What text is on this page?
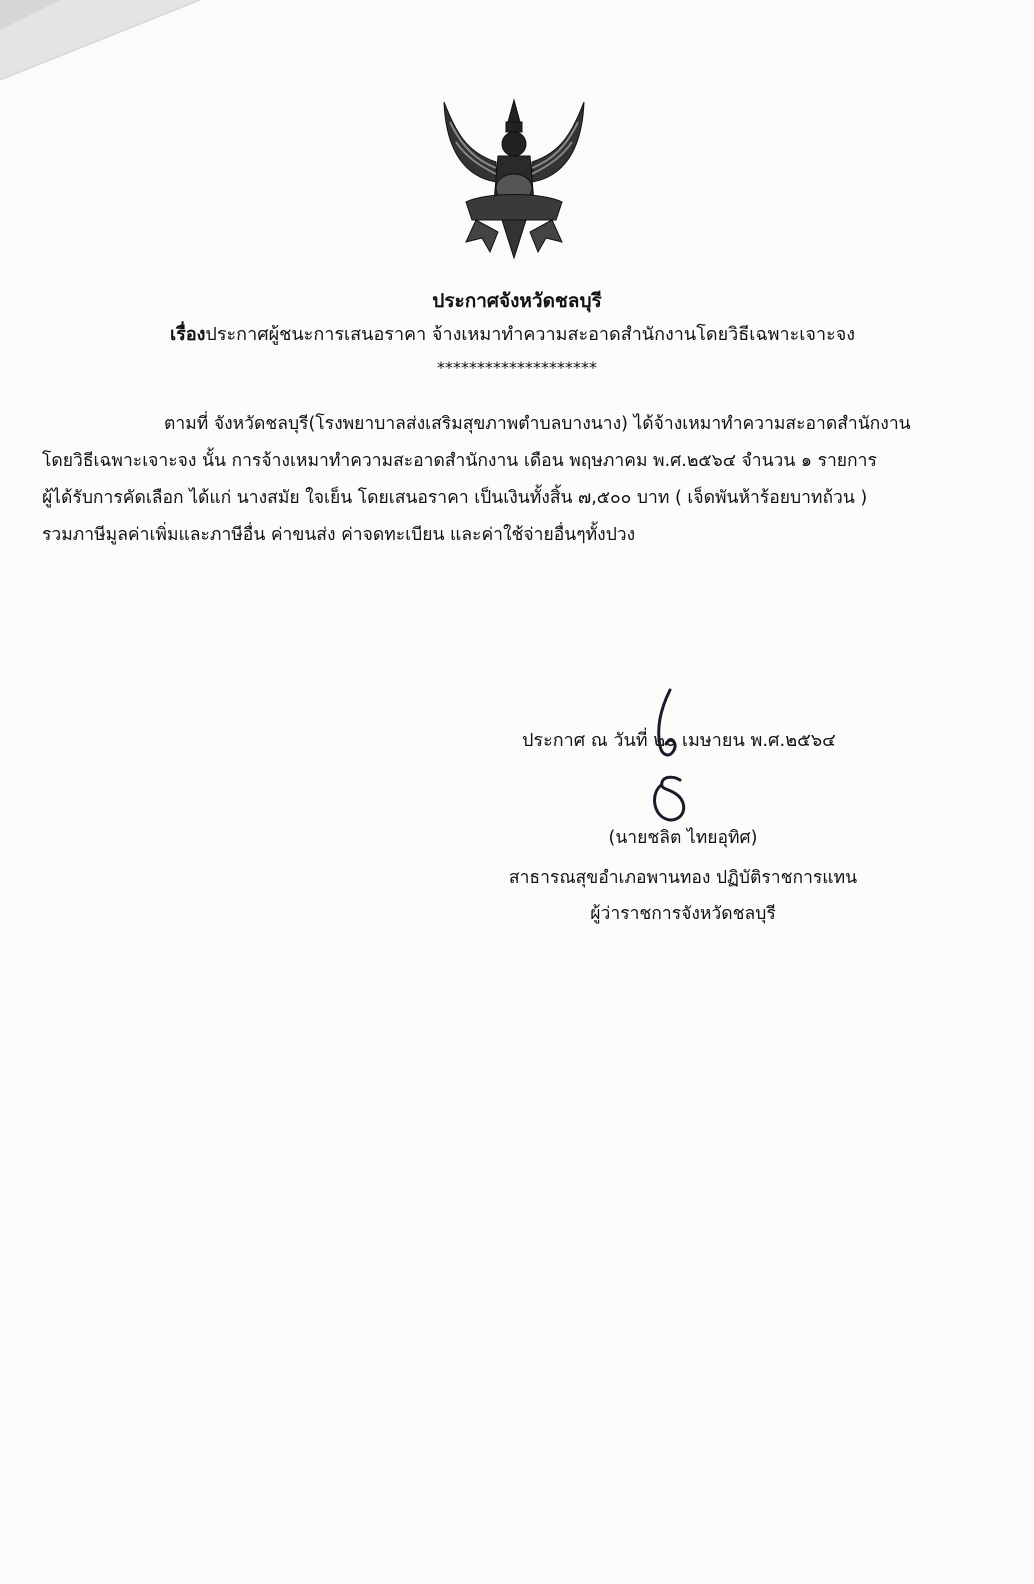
ประกาศจังหวัดชลบุรี
เรื่องประกาศผู้ชนะการเสนอราคา จ้างเหมาทำความสะอาดสำนักงานโดยวิธีเฉพาะเจาะจง
********************
ตามที่ จังหวัดชลบุรี(โรงพยาบาลส่งเสริมสุขภาพตำบลบางนาง) ได้จ้างเหมาทำความสะอาดสำนักงาน
โดยวิธีเฉพาะเจาะจง นั้น การจ้างเหมาทำความสะอาดสำนักงาน เดือน พฤษภาคม พ.ศ.๒๕๖๔ จำนวน ๑ รายการ
ผู้ได้รับการคัดเลือก ได้แก่ นางสมัย ใจเย็น โดยเสนอราคา เป็นเงินทั้งสิ้น ๗,๕๐๐ บาท ( เจ็ดพันห้าร้อยบาทถ้วน )
รวมภาษีมูลค่าเพิ่มและภาษีอื่น ค่าขนส่ง ค่าจดทะเบียน และค่าใช้จ่ายอื่นๆทั้งปวง
ประกาศ ณ วันที่ ๒๐ เมษายน พ.ศ.๒๕๖๔
(นายชลิต ไทยอุทิศ)
สาธารณสุขอำเภอพานทอง ปฏิบัติราชการแทน
ผู้ว่าราชการจังหวัดชลบุรี
